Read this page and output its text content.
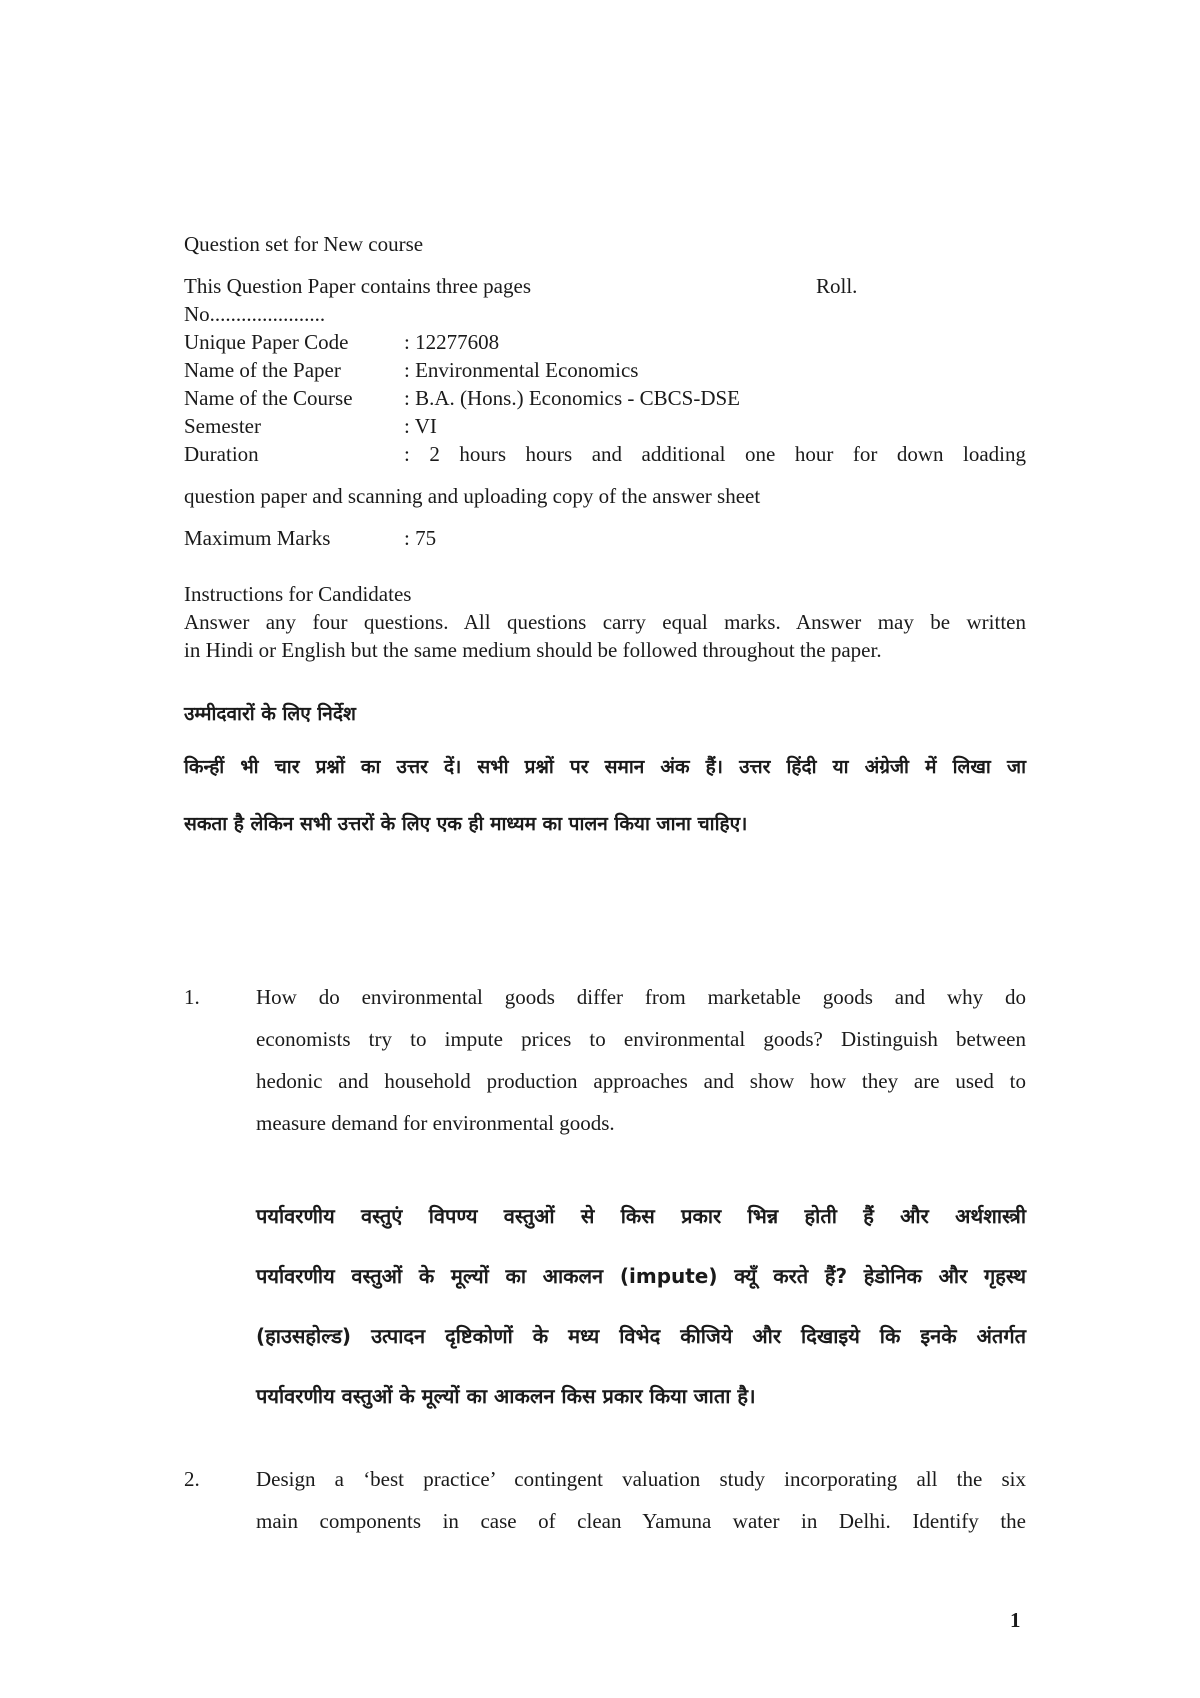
Question set for New course
This Question Paper contains three pages	Roll.
No......................
Unique Paper Code	: 12277608
Name of the Paper	: Environmental Economics
Name of the Course : B.A. (Hons.) Economics - CBCS-DSE
Semester	: VI
Duration	: 2 hours hours and additional one hour for down loading
question paper and scanning and uploading copy of the answer sheet
Maximum Marks	: 75
Instructions for Candidates
Answer any four questions. All questions carry equal marks. Answer may be written
in Hindi or English but the same medium should be followed throughout the paper.
उम्मीदवारों के लिए निर्देश
किन्हीं भी चार प्रश्नों का उत्तर दें। सभी प्रश्नों पर समान अंक हैं। उत्तर हिंदी या अंग्रेजी में लिखा जा
सकता है लेकिन सभी उत्तरों के लिए एक ही माध्यम का पालन किया जाना चाहिए।
1.	How do environmental goods differ from marketable goods and why do
economists try to impute prices to environmental goods? Distinguish between
hedonic and household production approaches and show how they are used to
measure demand for environmental goods.
पर्यावरणीय वस्तुएं विपण्य वस्तुओं से किस प्रकार भिन्न होती हैं और अर्थशास्त्री
पर्यावरणीय वस्तुओं के मूल्यों का आकलन (impute) क्यूँ करते हैं? हेडोनिक और गृहस्थ
(हाउसहोल्ड) उत्पादन दृष्टिकोणों के मध्य विभेद कीजिये और दिखाइये कि इनके अंतर्गत
पर्यावरणीय वस्तुओं के मूल्यों का आकलन किस प्रकार किया जाता है।
2.	Design a ‘best practice’ contingent valuation study incorporating all the six
main components in case of clean Yamuna water in Delhi. Identify the
1
